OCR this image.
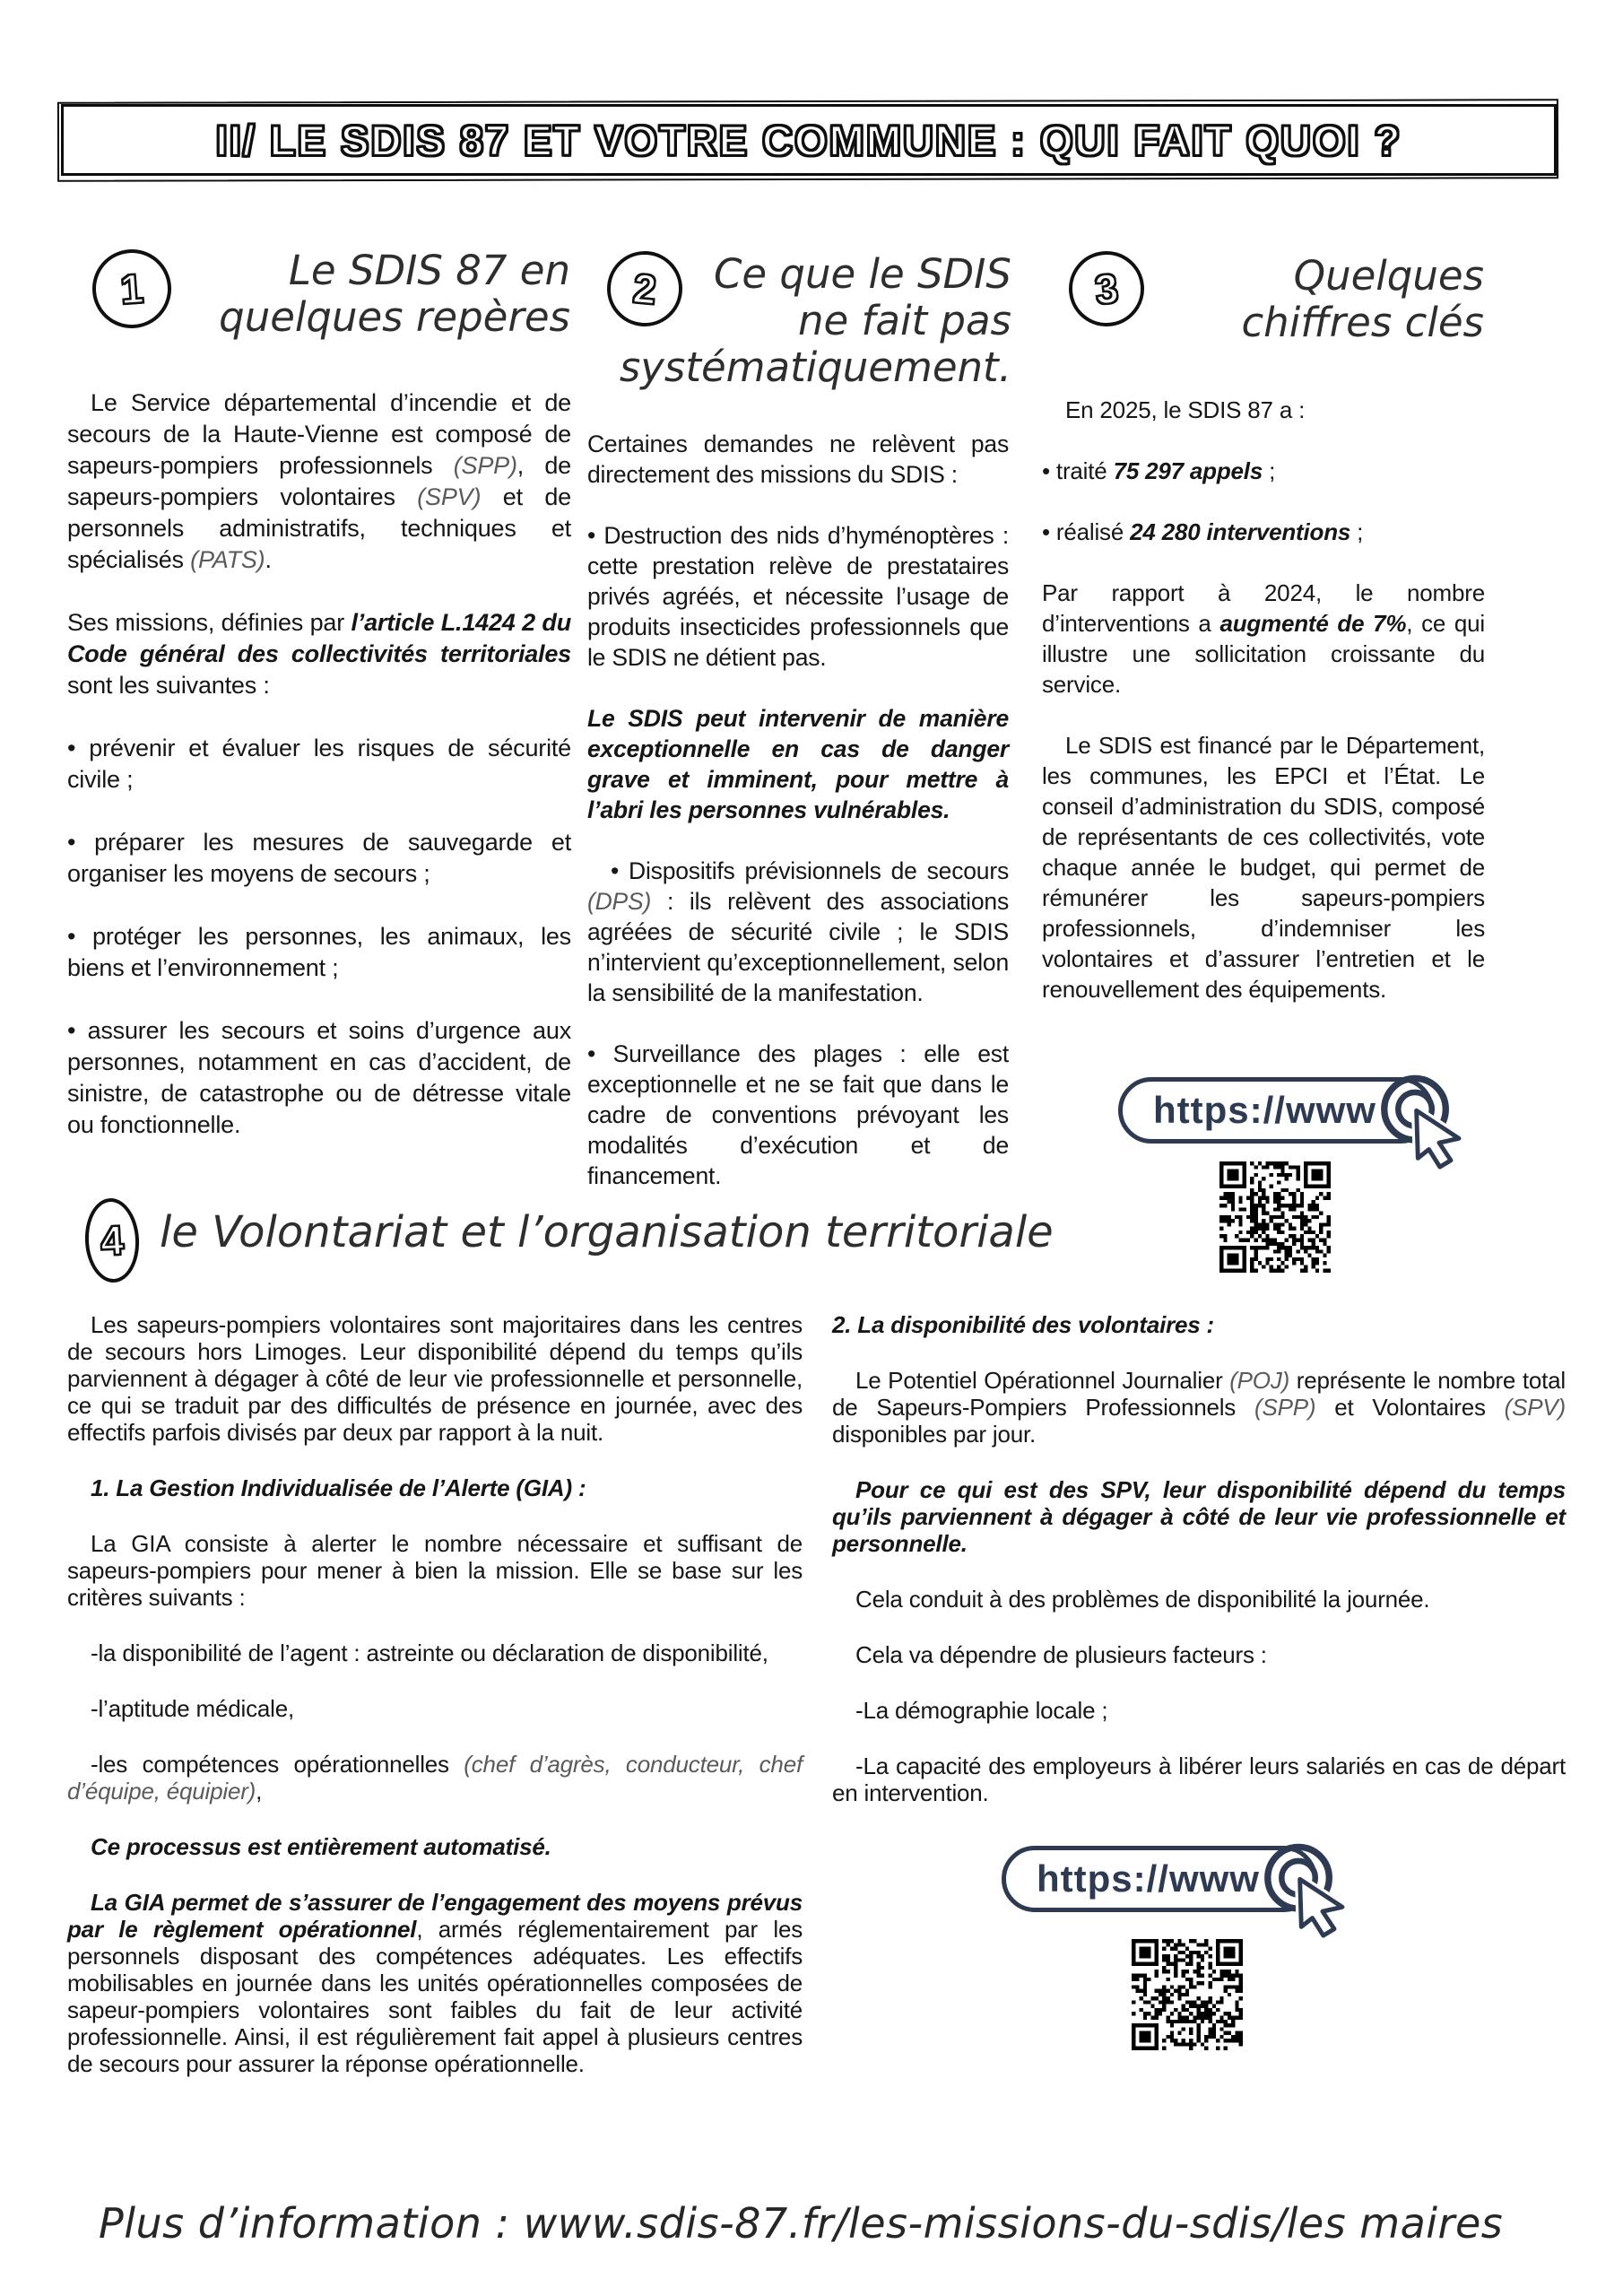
II/ LE SDIS 87 ET VOTRE COMMUNE : QUI FAIT QUOI ?
1	Le SDIS 87 en
quelques repères

Le Service départemental d’incendie et de secours de la Haute-Vienne est composé de sapeurs-pompiers professionnels (SPP), de sapeurs-pompiers volontaires (SPV) et de personnels administratifs, techniques et spécialisés (PATS).

Ses missions, définies par l’article L.1424 2 du Code général des collectivités territoriales sont les suivantes :

• prévenir et évaluer les risques de sécurité civile ;

• préparer les mesures de sauvegarde et organiser les moyens de secours ;

• protéger les personnes, les animaux, les biens et l’environnement ;

• assurer les secours et soins d’urgence aux personnes, notamment en cas d’accident, de sinistre, de catastrophe ou de détresse vitale ou fonctionnelle.

2	Ce que le SDIS
ne fait pas
systématiquement.

Certaines demandes ne relèvent pas directement des missions du SDIS :

• Destruction des nids d’hyménoptères : cette prestation relève de prestataires privés agréés, et nécessite l’usage de produits insecticides professionnels que le SDIS ne détient pas.

Le SDIS peut intervenir de manière exceptionnelle en cas de danger grave et imminent, pour mettre à l’abri les personnes vulnérables.

• Dispositifs prévisionnels de secours (DPS) : ils relèvent des associations agréées de sécurité civile ; le SDIS n’intervient qu’exceptionnellement, selon la sensibilité de la manifestation.

• Surveillance des plages : elle est exceptionnelle et ne se fait que dans le cadre de conventions prévoyant les modalités d’exécution et de financement.

3	Quelques
chiffres clés

En 2025, le SDIS 87 a :

• traité 75 297 appels ;

• réalisé 24 280 interventions ;

Par rapport à 2024, le nombre d’interventions a augmenté de 7%, ce qui illustre une sollicitation croissante du service.

Le SDIS est financé par le Département, les communes, les EPCI et l’État. Le conseil d’administration du SDIS, composé de représentants de ces collectivités, vote chaque année le budget, qui permet de rémunérer les sapeurs-pompiers professionnels, d’indemniser les volontaires et d’assurer l’entretien et le renouvellement des équipements.

https://www
4 le Volontariat et l’organisation territoriale

Les sapeurs-pompiers volontaires sont majoritaires dans les centres de secours hors Limoges. Leur disponibilité dépend du temps qu’ils parviennent à dégager à côté de leur vie professionnelle et personnelle, ce qui se traduit par des difficultés de présence en journée, avec des effectifs parfois divisés par deux par rapport à la nuit.

1. La Gestion Individualisée de l’Alerte (GIA) :

La GIA consiste à alerter le nombre nécessaire et suffisant de sapeurs-pompiers pour mener à bien la mission. Elle se base sur les critères suivants :

-la disponibilité de l’agent : astreinte ou déclaration de disponibilité,

-l’aptitude médicale,

-les compétences opérationnelles (chef d’agrès, conducteur, chef d’équipe, équipier),

Ce processus est entièrement automatisé.

La GIA permet de s’assurer de l’engagement des moyens prévus par le règlement opérationnel, armés réglementairement par les personnels disposant des compétences adéquates. Les effectifs mobilisables en journée dans les unités opérationnelles composées de sapeur-pompiers volontaires sont faibles du fait de leur activité professionnelle. Ainsi, il est régulièrement fait appel à plusieurs centres de secours pour assurer la réponse opérationnelle.

2. La disponibilité des volontaires :

Le Potentiel Opérationnel Journalier (POJ) représente le nombre total de Sapeurs-Pompiers Professionnels (SPP) et Volontaires (SPV) disponibles par jour.

Pour ce qui est des SPV, leur disponibilité dépend du temps qu’ils parviennent à dégager à côté de leur vie professionnelle et personnelle.

Cela conduit à des problèmes de disponibilité la journée.

Cela va dépendre de plusieurs facteurs :

-La démographie locale ;

-La capacité des employeurs à libérer leurs salariés en cas de départ en intervention.

https://www
Plus d’information : www.sdis-87.fr/les-missions-du-sdis/les maires
